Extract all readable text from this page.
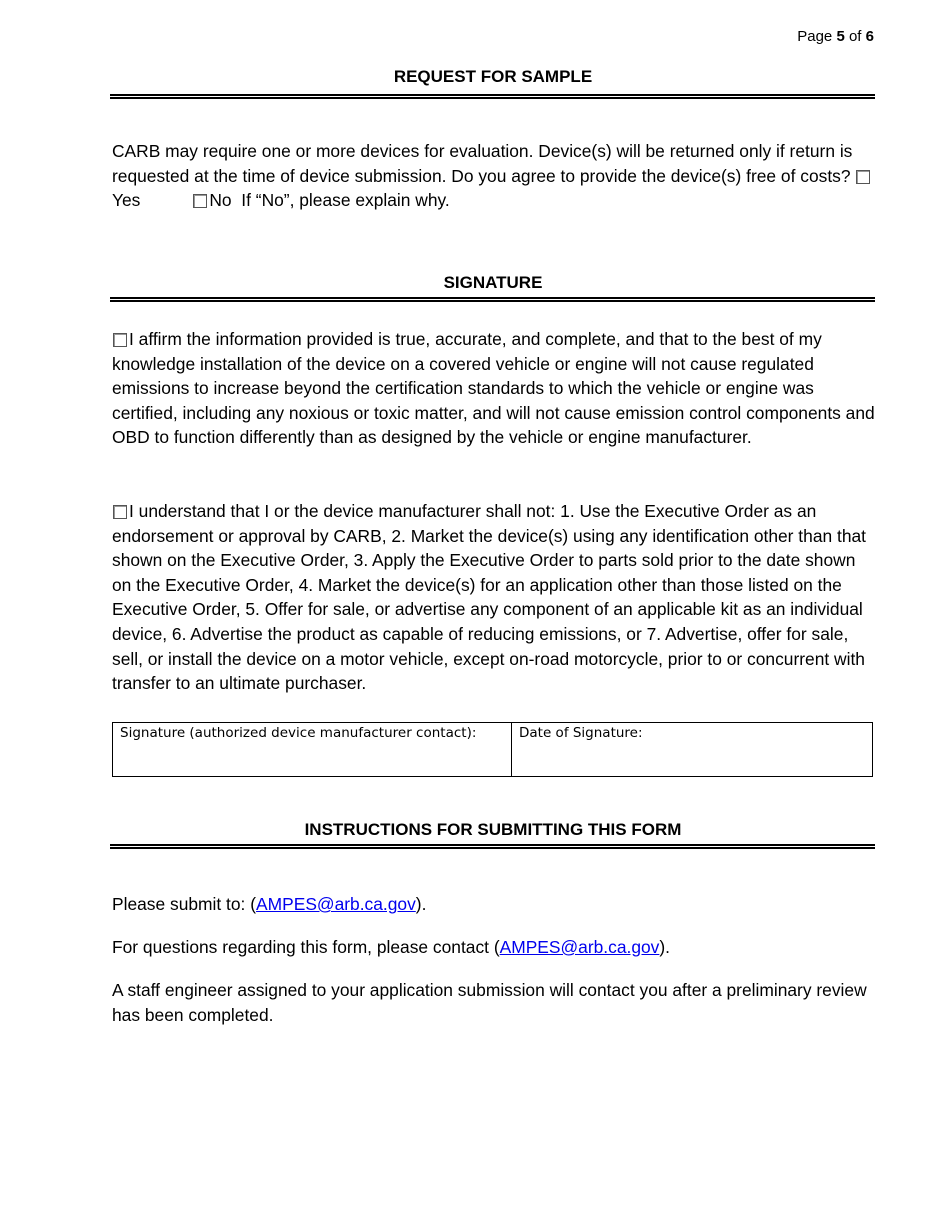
Page 5 of 6
REQUEST FOR SAMPLE

CARB may require one or more devices for evaluation. Device(s) will be returned only if return is requested at the time of device submission. Do you agree to provide the device(s) free of costs? Yes	No If “No”, please explain why.

SIGNATURE

I affirm the information provided is true, accurate, and complete, and that to the best of my knowledge installation of the device on a covered vehicle or engine will not cause regulated emissions to increase beyond the certification standards to which the vehicle or engine was certified, including any noxious or toxic matter, and will not cause emission control components and OBD to function differently than as designed by the vehicle or engine manufacturer.

I understand that I or the device manufacturer shall not: 1. Use the Executive Order as an endorsement or approval by CARB, 2. Market the device(s) using any identification other than that shown on the Executive Order, 3. Apply the Executive Order to parts sold prior to the date shown on the Executive Order, 4. Market the device(s) for an application other than those listed on the Executive Order, 5. Offer for sale, or advertise any component of an applicable kit as an individual device, 6. Advertise the product as capable of reducing emissions, or 7. Advertise, offer for sale, sell, or install the device on a motor vehicle, except on-road motorcycle, prior to or concurrent with transfer to an ultimate purchaser.

Signature (authorized device manufacturer contact):	Date of Signature:
INSTRUCTIONS FOR SUBMITTING THIS FORM

Please submit to: (AMPES@arb.ca.gov).

For questions regarding this form, please contact (AMPES@arb.ca.gov).

A staff engineer assigned to your application submission will contact you after a preliminary review has been completed.
